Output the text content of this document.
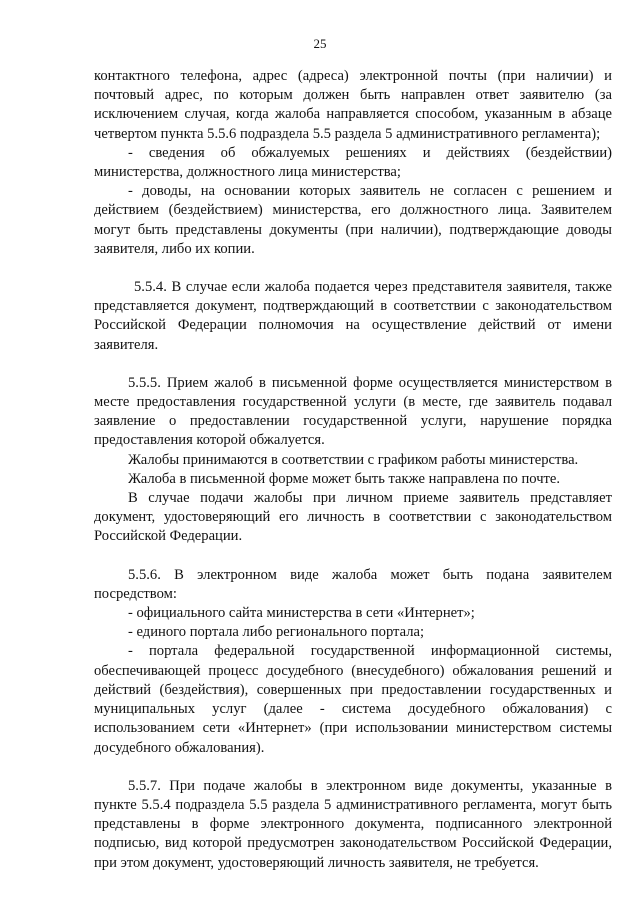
25

контактного телефона, адрес (адреса) электронной почты (при наличии) и почтовый адрес, по которым должен быть направлен ответ заявителю (за исключением случая, когда жалоба направляется способом, указанным в абзаце четвертом пункта 5.5.6 подраздела 5.5 раздела 5 административного регламента);

- сведения об обжалуемых решениях и действиях (бездействии) министерства, должностного лица министерства;

- доводы, на основании которых заявитель не согласен с решением и действием (бездействием) министерства, его должностного лица. Заявителем могут быть представлены документы (при наличии), подтверждающие доводы заявителя, либо их копии.

5.5.4. В случае если жалоба подается через представителя заявителя, также представляется документ, подтверждающий в соответствии с законодательством Российской Федерации полномочия на осуществление действий от имени заявителя.

5.5.5. Прием жалоб в письменной форме осуществляется министерством в месте предоставления государственной услуги (в месте, где заявитель подавал заявление о предоставлении государственной услуги, нарушение порядка предоставления которой обжалуется.

Жалобы принимаются в соответствии с графиком работы министерства.

Жалоба в письменной форме может быть также направлена по почте.

В случае подачи жалобы при личном приеме заявитель представляет документ, удостоверяющий его личность в соответствии с законодательством Российской Федерации.

5.5.6. В электронном виде жалоба может быть подана заявителем посредством:

- официального сайта министерства в сети «Интернет»;

- единого портала либо регионального портала;

- портала федеральной государственной информационной системы, обеспечивающей процесс досудебного (внесудебного) обжалования решений и действий (бездействия), совершенных при предоставлении государственных и муниципальных услуг (далее - система досудебного обжалования) с использованием сети «Интернет» (при использовании министерством системы досудебного обжалования).

5.5.7. При подаче жалобы в электронном виде документы, указанные в пункте 5.5.4 подраздела 5.5 раздела 5 административного регламента, могут быть представлены в форме электронного документа, подписанного электронной подписью, вид которой предусмотрен законодательством Российской Федерации, при этом документ, удостоверяющий личность заявителя, не требуется.
